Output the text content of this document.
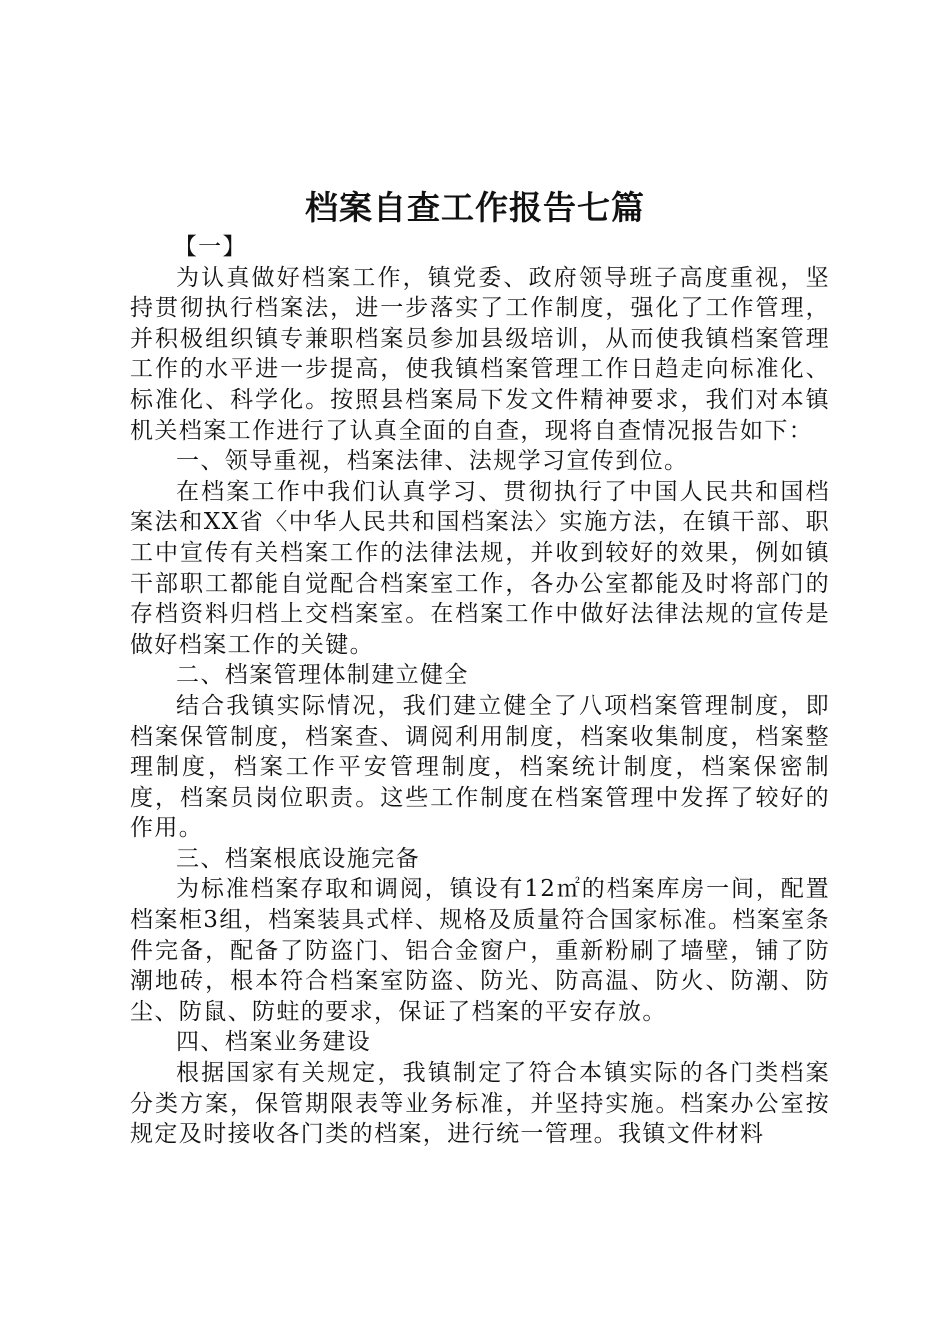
档案自查工作报告七篇

【一】

为认真做好档案工作，镇党委、政府领导班子高度重视，坚持贯彻执行档案法，进一步落实了工作制度，强化了工作管理，并积极组织镇专兼职档案员参加县级培训，从而使我镇档案管理工作的水平进一步提高，使我镇档案管理工作日趋走向标准化、标准化、科学化。按照县档案局下发文件精神要求，我们对本镇机关档案工作进行了认真全面的自查，现将自查情况报告如下：

一、领导重视，档案法律、法规学习宣传到位。

在档案工作中我们认真学习、贯彻执行了中国人民共和国档案法和XX省〈中华人民共和国档案法〉实施方法，在镇干部、职工中宣传有关档案工作的法律法规，并收到较好的效果，例如镇干部职工都能自觉配合档案室工作，各办公室都能及时将部门的存档资料归档上交档案室。在档案工作中做好法律法规的宣传是做好档案工作的关键。

二、档案管理体制建立健全

结合我镇实际情况，我们建立健全了八项档案管理制度，即档案保管制度，档案查、调阅利用制度，档案收集制度，档案整理制度，档案工作平安管理制度，档案统计制度，档案保密制度，档案员岗位职责。这些工作制度在档案管理中发挥了较好的作用。

三、档案根底设施完备

为标准档案存取和调阅，镇设有12㎡的档案库房一间，配置档案柜3组，档案装具式样、规格及质量符合国家标准。档案室条件完备，配备了防盗门、铝合金窗户，重新粉刷了墙壁，铺了防潮地砖，根本符合档案室防盗、防光、防高温、防火、防潮、防尘、防鼠、防蛀的要求，保证了档案的平安存放。

四、档案业务建设

根据国家有关规定，我镇制定了符合本镇实际的各门类档案分类方案，保管期限表等业务标准，并坚持实施。档案办公室按规定及时接收各门类的档案，进行统一管理。我镇文件材料
